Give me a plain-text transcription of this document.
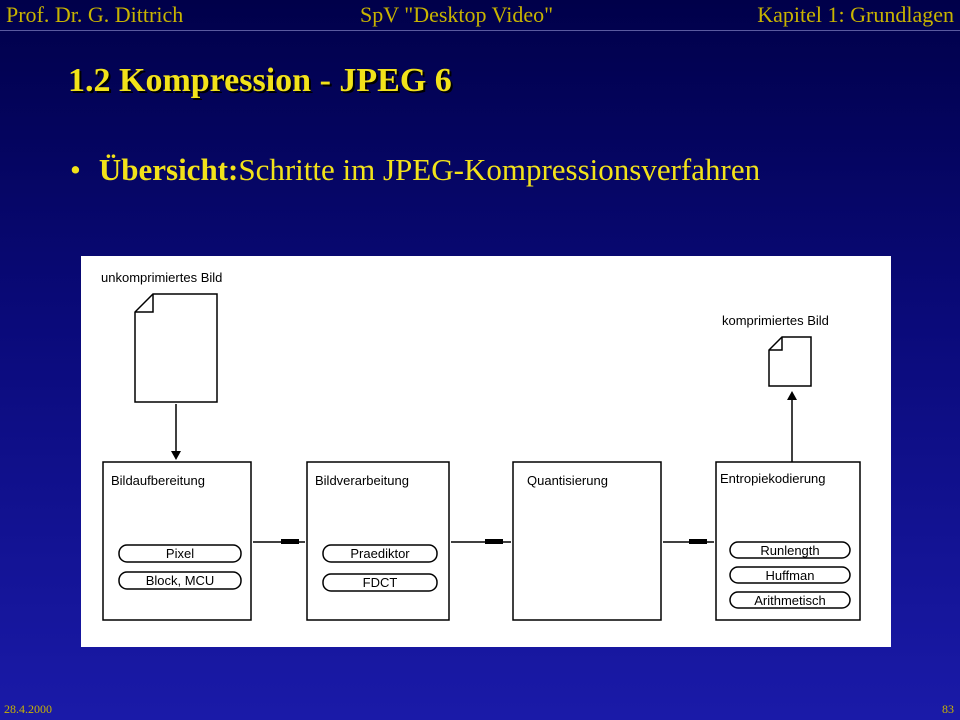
Prof. Dr. G. Dittrich	SpV "Desktop Video"	Kapitel 1: Grundlagen
1.2 Kompression - JPEG 6
• Übersicht:Schritte im JPEG-Kompressionsverfahren
unkomprimiertes Bild
komprimiertes Bild
Bildaufbereitung
Pixel
Block, MCU
Bildverarbeitung
Praediktor
FDCT
Quantisierung	Entropiekodierung
Runlength
Huffman
Arithmetisch
28.4.2000	83
